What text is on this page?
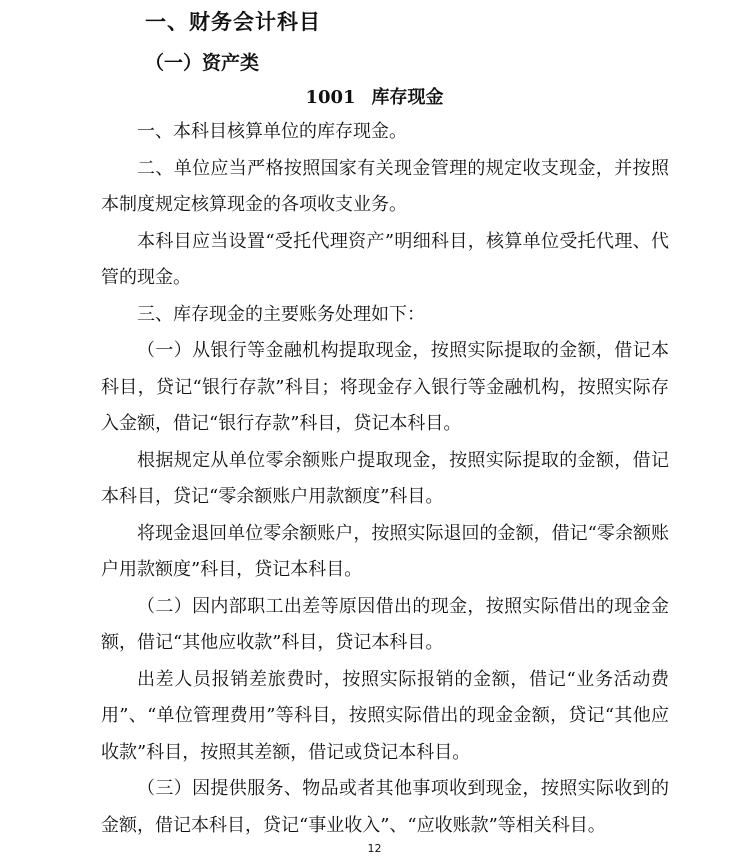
一、财务会计科目
（一）资产类
1001 库存现金

一、本科目核算单位的库存现金。

二、单位应当严格按照国家有关现金管理的规定收支现金，并按照本制度规定核算现金的各项收支业务。

本科目应当设置“受托代理资产”明细科目，核算单位受托代理、代管的现金。

三、库存现金的主要账务处理如下：

（一）从银行等金融机构提取现金，按照实际提取的金额，借记本科目，贷记“银行存款”科目；将现金存入银行等金融机构，按照实际存入金额，借记“银行存款”科目，贷记本科目。

根据规定从单位零余额账户提取现金，按照实际提取的金额，借记本科目，贷记“零余额账户用款额度”科目。

将现金退回单位零余额账户，按照实际退回的金额，借记“零余额账户用款额度”科目，贷记本科目。

（二）因内部职工出差等原因借出的现金，按照实际借出的现金金额，借记“其他应收款”科目，贷记本科目。

出差人员报销差旅费时，按照实际报销的金额，借记“业务活动费用”、“单位管理费用”等科目，按照实际借出的现金金额，贷记“其他应收款”科目，按照其差额，借记或贷记本科目。

（三）因提供服务、物品或者其他事项收到现金，按照实际收到的金额，借记本科目，贷记“事业收入”、“应收账款”等相关科目。

12
